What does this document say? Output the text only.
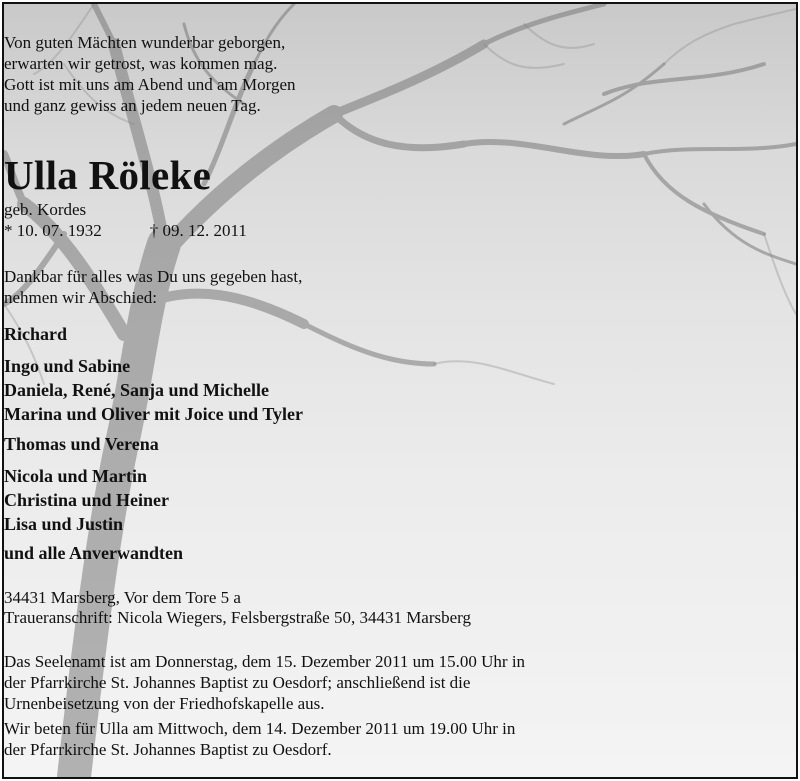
Von guten Mächten wunderbar geborgen,
erwarten wir getrost, was kommen mag.
Gott ist mit uns am Abend und am Morgen
und ganz gewiss an jedem neuen Tag.
Ulla Röleke
geb. Kordes
* 10. 07. 1932	† 09. 12. 2011
Dankbar für alles was Du uns gegeben hast,
nehmen wir Abschied:
Richard
Ingo und Sabine
Daniela, René, Sanja und Michelle
Marina und Oliver mit Joice und Tyler
Thomas und Verena
Nicola und Martin
Christina und Heiner
Lisa und Justin
und alle Anverwandten
34431 Marsberg, Vor dem Tore 5 a
Traueranschrift: Nicola Wiegers, Felsbergstraße 50, 34431 Marsberg
Das Seelenamt ist am Donnerstag, dem 15. Dezember 2011 um 15.00 Uhr in
der Pfarrkirche St. Johannes Baptist zu Oesdorf; anschließend ist die
Urnenbeisetzung von der Friedhofskapelle aus.
Wir beten für Ulla am Mittwoch, dem 14. Dezember 2011 um 19.00 Uhr in
der Pfarrkirche St. Johannes Baptist zu Oesdorf.
